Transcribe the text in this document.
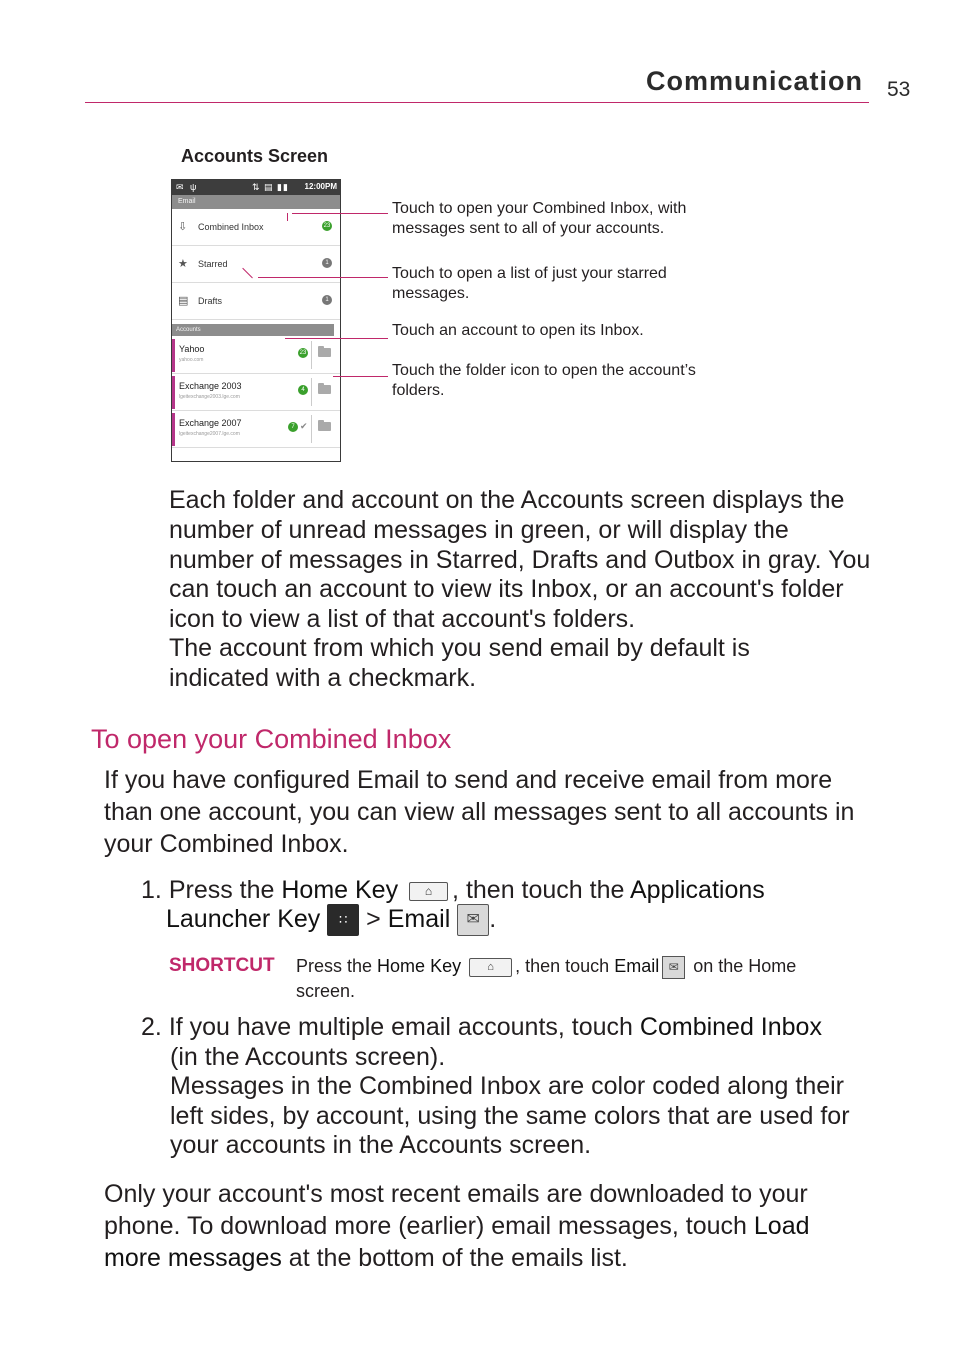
Communication 53
Accounts Screen
✉ ψ	⇅ ▤ ▮▮ 12:00PM
Email
⇩ Combined Inbox	23
★ Starred	1
▤ Drafts	1
Accounts
Yahoo
yahoo.com
23
Exchange 2003
lgeitexchange2003.lge.com
4
Exchange 2007
lgeitexchange2007.lge.com
7 ✔
Touch to open your Combined Inbox, with messages sent to all of your accounts.
Touch to open a list of just your starred messages.
Touch an account to open its Inbox.
Touch the folder icon to open the account’s folders.
Each folder and account on the Accounts screen displays the number of unread messages in green, or will display the number of messages in Starred, Drafts and Outbox in gray. You can touch an account to view its Inbox, or an account's folder icon to view a list of that account's folders.
The account from which you send email by default is indicated with a checkmark.
To open your Combined Inbox
If you have configured Email to send and receive email from more than one account, you can view all messages sent to all accounts in your Combined Inbox.
1. Press the Home Key ⌂ , then touch the Applications
Launcher Key ∷ > Email ✉ .
SHORTCUT Press the Home Key ⌂ , then touch Email ✉ on the Home
screen.
2. If you have multiple email accounts, touch Combined Inbox
(in the Accounts screen).
Messages in the Combined Inbox are color coded along their left sides, by account, using the same colors that are used for your accounts in the Accounts screen.
Only your account's most recent emails are downloaded to your phone. To download more (earlier) email messages, touch Load more messages at the bottom of the emails list.
